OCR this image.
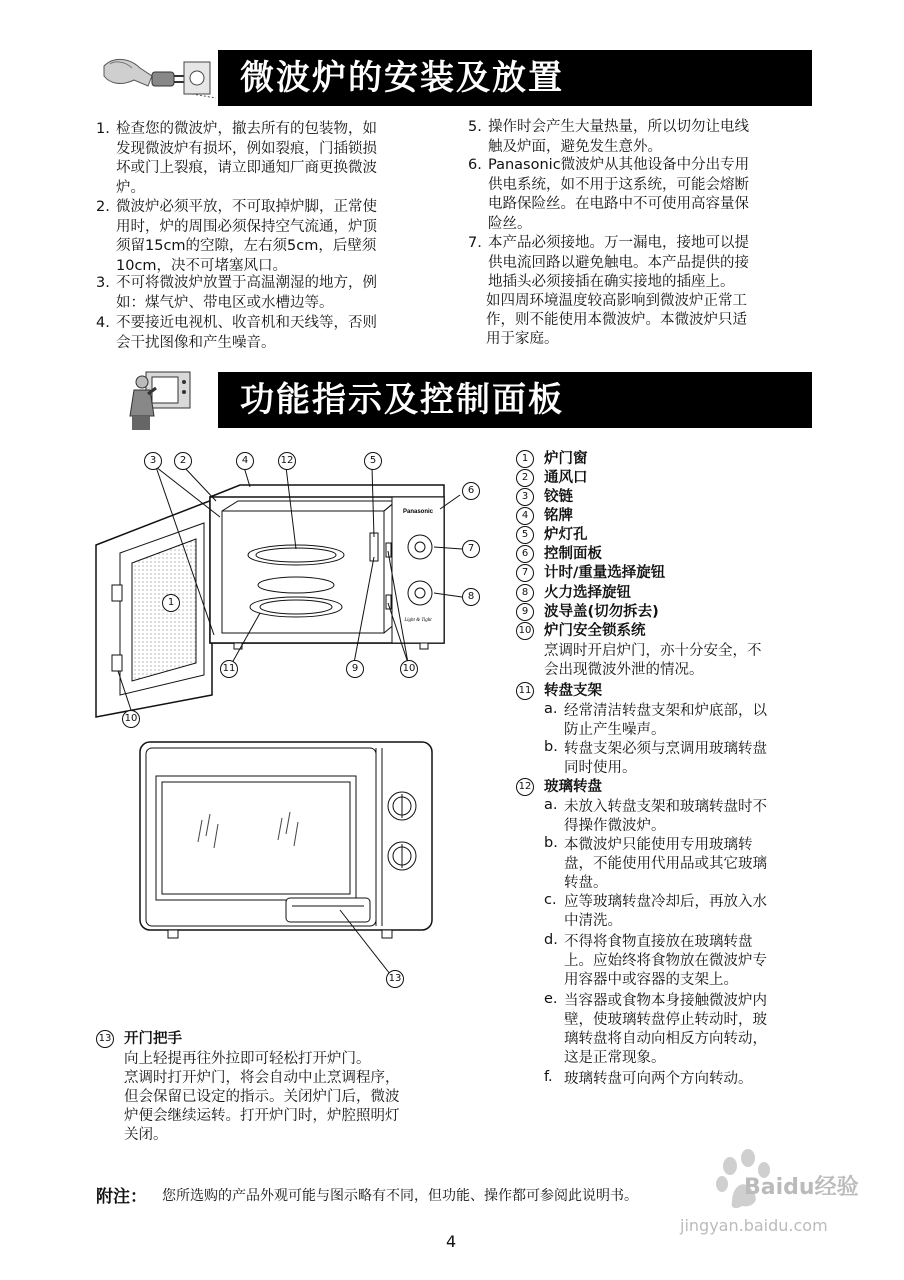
微波炉的安装及放置
1. 检查您的微波炉，撤去所有的包装物，如
发现微波炉有损坏，例如裂痕，门插锁损
坏或门上裂痕，请立即通知厂商更换微波
炉。
2. 微波炉必须平放，不可取掉炉脚，正常使
用时，炉的周围必须保持空气流通，炉顶
须留15cm的空隙，左右须5cm，后壁须
10cm，决不可堵塞风口。
3. 不可将微波炉放置于高温潮湿的地方，例
如：煤气炉、带电区或水槽边等。
4. 不要接近电视机、收音机和天线等，否则
会干扰图像和产生噪音。
5. 操作时会产生大量热量，所以切勿让电线
触及炉面，避免发生意外。
6. Panasonic微波炉从其他设备中分出专用
供电系统，如不用于这系统，可能会熔断
电路保险丝。在电路中不可使用高容量保
险丝。
7. 本产品必须接地。万一漏电，接地可以提
供电流回路以避免触电。本产品提供的接
地插头必须接插在确实接地的插座上。
如四周环境温度较高影响到微波炉正常工
作，则不能使用本微波炉。本微波炉只适
用于家庭。
功能指示及控制面板
Panasonic
Light & Tight
3	2	4	12	5
6
7
8
1
11	9	10
10
13
1	炉门窗
2	通风口
3	铰链
4	铭牌
5	炉灯孔
6	控制面板
7	计时/重量选择旋钮
8	火力选择旋钮
9	波导盖(切勿拆去)
10 炉门安全锁系统
烹调时开启炉门，亦十分安全，不
会出现微波外泄的情况。
11 转盘支架
a. 经常清洁转盘支架和炉底部，以
防止产生噪声。
b. 转盘支架必须与烹调用玻璃转盘
同时使用。
12 玻璃转盘
a. 未放入转盘支架和玻璃转盘时不
得操作微波炉。
b. 本微波炉只能使用专用玻璃转
盘，不能使用代用品或其它玻璃
转盘。
c. 应等玻璃转盘冷却后，再放入水
中清洗。
d. 不得将食物直接放在玻璃转盘
上。应始终将食物放在微波炉专
用容器中或容器的支架上。
e. 当容器或食物本身接触微波炉内
壁，使玻璃转盘停止转动时，玻
璃转盘将自动向相反方向转动，
这是正常现象。
f. 玻璃转盘可向两个方向转动。
13 开门把手
向上轻提再往外拉即可轻松打开炉门。
烹调时打开炉门，将会自动中止烹调程序，
但会保留已设定的指示。关闭炉门后，微波
炉便会继续运转。打开炉门时，炉腔照明灯
关闭。
附注： 您所选购的产品外观可能与图示略有不同，但功能、操作都可参阅此说明书。	Baidu经验
jingyan.baidu.com
4
